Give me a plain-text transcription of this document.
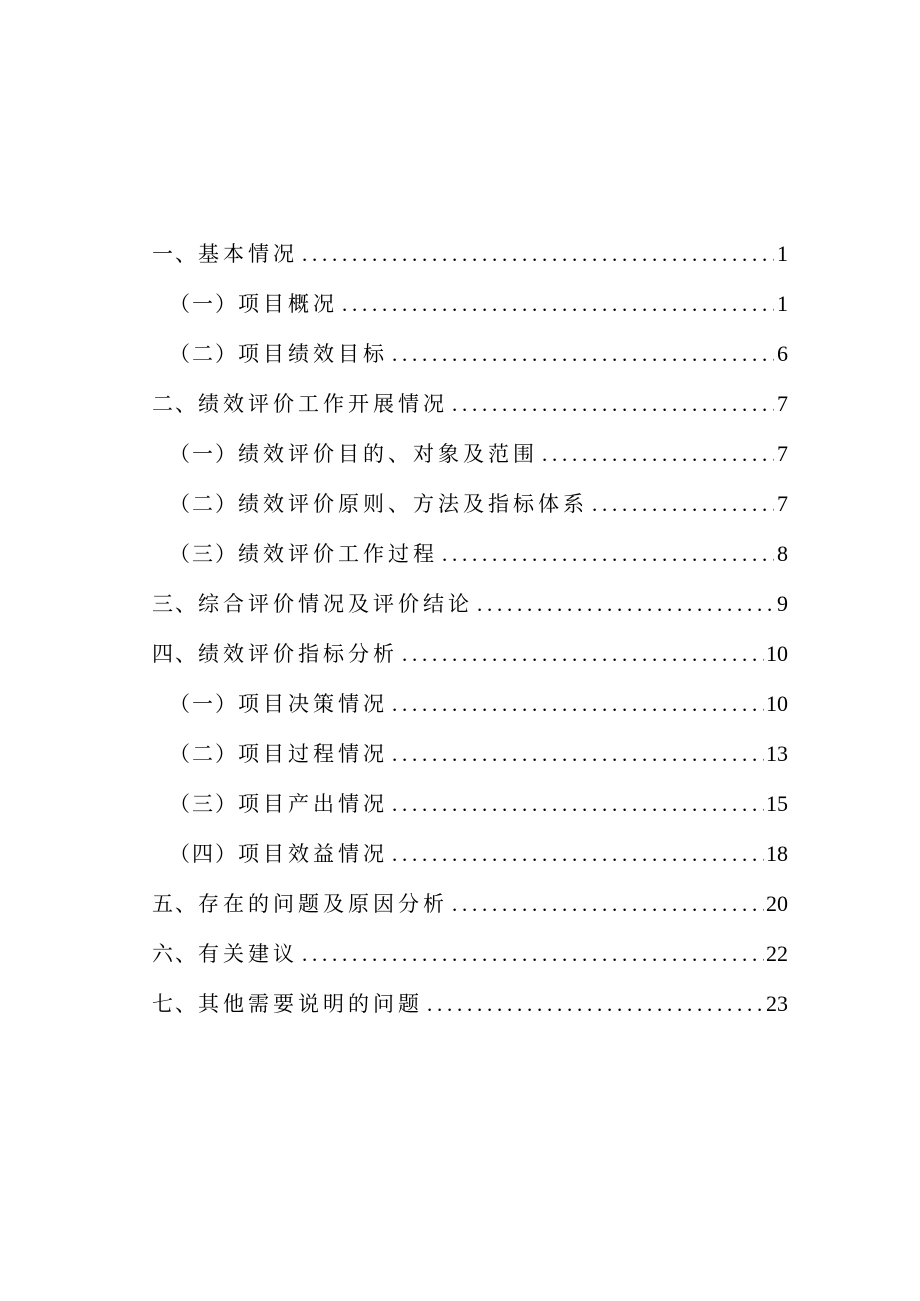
一、 基本情况 . . .	1
（一） 项目概况 . . .	1
（二） 项目绩效目标 . . .	6
二、 绩效评价工作开展情况 . . .	7
（一） 绩效评价目的、对象及范围 . . .	7
（二） 绩效评价原则、方法及指标体系 . . .	7
（三） 绩效评价工作过程 . . .	8
三、 综合评价情况及评价结论 . . .	9
四、 绩效评价指标分析 . . .	10
（一） 项目决策情况 . . .	10
（二） 项目过程情况 . . .	13
（三） 项目产出情况 . . .	15
（四） 项目效益情况 . . .	18
五、 存在的问题及原因分析 . . .	20
六、 有关建议 . . .	22
七、 其他需要说明的问题 . . .	23
